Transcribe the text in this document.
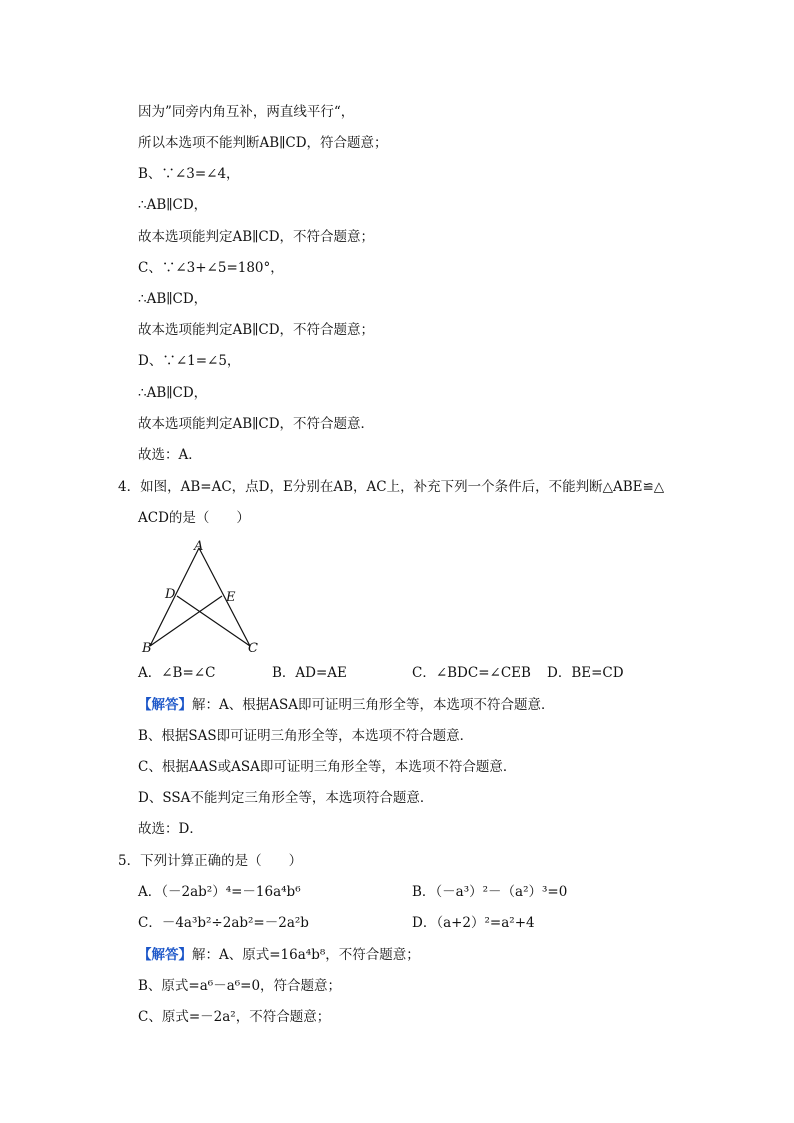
因为”同旁内角互补，两直线平行“，
所以本选项不能判断AB∥CD，符合题意；
B、∵∠3=∠4，
∴AB∥CD，
故本选项能判定AB∥CD，不符合题意；
C、∵∠3+∠5=180°，
∴AB∥CD，
故本选项能判定AB∥CD，不符合题意；
D、∵∠1=∠5，
∴AB∥CD，
故本选项能判定AB∥CD，不符合题意．
故选：A．
4．如图，AB=AC，点D，E分别在AB，AC上，补充下列一个条件后，不能判断△ABE≌△
ACD的是（　　）
A
D	E
B	C
A．∠B=∠C	B．AD=AE	C．∠BDC=∠CEB D．BE=CD
【解答】解：A、根据ASA即可证明三角形全等，本选项不符合题意．
B、根据SAS即可证明三角形全等，本选项不符合题意．
C、根据AAS或ASA即可证明三角形全等，本选项不符合题意．
D、SSA不能判定三角形全等，本选项符合题意．
故选：D．
5．下列计算正确的是（　　）
A．（－2ab²）⁴=－16a⁴b⁶	B．（－a³）²－（a²）³=0
C．－4a³b²÷2ab²=－2a²b	D．（a+2）²=a²+4
【解答】解：A、原式=16a⁴b⁸，不符合题意；
B、原式=a⁶－a⁶=0，符合题意；
C、原式=－2a²，不符合题意；
